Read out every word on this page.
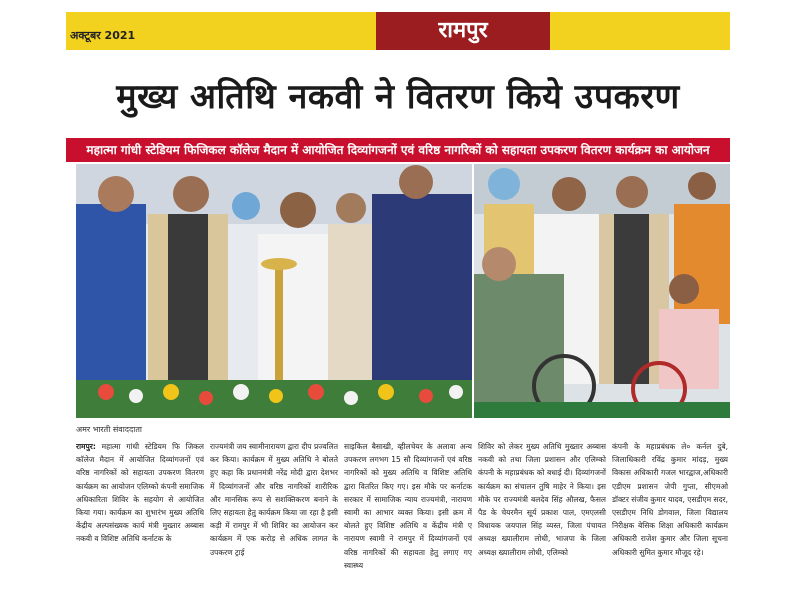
अक्टूबर 2021	रामपुर
मुख्य अतिथि नकवी ने वितरण किये उपकरण
महात्मा गांधी स्टेडियम फिजिकल कॉलेज मैदान में आयोजित दिव्यांगजनों एवं वरिष्ठ नागरिकों को सहायता उपकरण वितरण कार्यक्रम का आयोजन
अमर भारती संवाददाता
रामपुर: महात्मा गांधी स्टेडियम फि जिकल कॉलेज मैदान में आयोजित दिव्यांगजनों एवं वरिष्ठ नागरिकों को सहायता उपकरण वितरण कार्यक्रम का आयोजन एलिम्को कंपनी समाजिक अधिकारिता शिविर के सहयोग से आयोजित किया गया। कार्यक्रम का शुभारंभ मुख्य अतिथि केंद्रीय अल्पसंख्यक कार्य मंत्री मुख्तार अब्बास नकवी व विशिष्ट अतिथि कर्नाटक के
राज्यमंत्री जय स्वामीनारायण द्वारा दीप प्रज्वलित कर किया। कार्यक्रम में मुख्य अतिथि ने बोलते हुए कहा कि प्रधानमंत्री नरेंद्र मोदी द्वारा देशभर में दिव्यांगजनों और वरिष्ठ नागरिकों शारीरिक और मानसिक रूप से सशक्तिकरण बनाने के लिए सहायता हेतु कार्यक्रम किया जा रहा है इसी कड़ी में रामपुर में भी शिविर का आयोजन कर कार्यक्रम में एक करोड़ से अधिक लागत के उपकरण ट्राई
साइकिल बैसाखी, व्हीलचेयर के अलावा अन्य उपकरण लगभग 15 सौ दिव्यांगजनों एवं वरिष्ठ नागरिकों को मुख्य अतिथि व विशिष्ट अतिथि द्वारा वितरित किए गए। इस मौके पर कर्नाटक सरकार में सामाजिक न्याय राज्यमंत्री, नारायण स्वामी का आभार व्यक्त किया। इसी क्रम में बोलते हुए विशिष्ट अतिथि व केंद्रीय मंत्री ए नारायण स्वामी ने रामपुर में दिव्यांगजनों एवं वरिष्ठ नागरिकों की सहायता हेतु लगाए गए स्वास्थ्य
शिविर को लेकर मुख्य अतिथि मुख्तार अब्बास नकवी को तथा जिला प्रशासन और एलिम्को कंपनी के महाप्रबंधक को बधाई दी। दिव्यांगजनों कार्यक्रम का संचालन तुषि माहेर ने किया। इस मौके पर राज्यमंत्री बलदेव सिंह औलख, फैसल पैड के चेयरमैन सूर्य प्रकाश पाल, एमएलसी विधायक जयपाल सिंह व्यस्त, जिला पंचायत अध्यक्ष ख्यालीराम लोधी, भाजपा के जिला अध्यक्ष ख्यालीराम लोधी, एलिम्को
कंपनी के महाप्रबंधक ले० कर्नल दुबे, जिलाधिकारी रविंद्र कुमार मांदड़, मुख्य विकास अधिकारी गजल भारद्वाज,अधिकारी एडीएम प्रशासन जेपी गुप्ता, सीएमओ डॉक्टर संजीव कुमार यादव, एसडीएम सदर, एसडीएम निधि डोगवाल, जिला विद्यालय निरीक्षक बेसिक शिक्षा अधिकारी कार्यक्रम अधिकारी राजेश कुमार और जिला सूचना अधिकारी सुमित कुमार मौजूद रहे।
